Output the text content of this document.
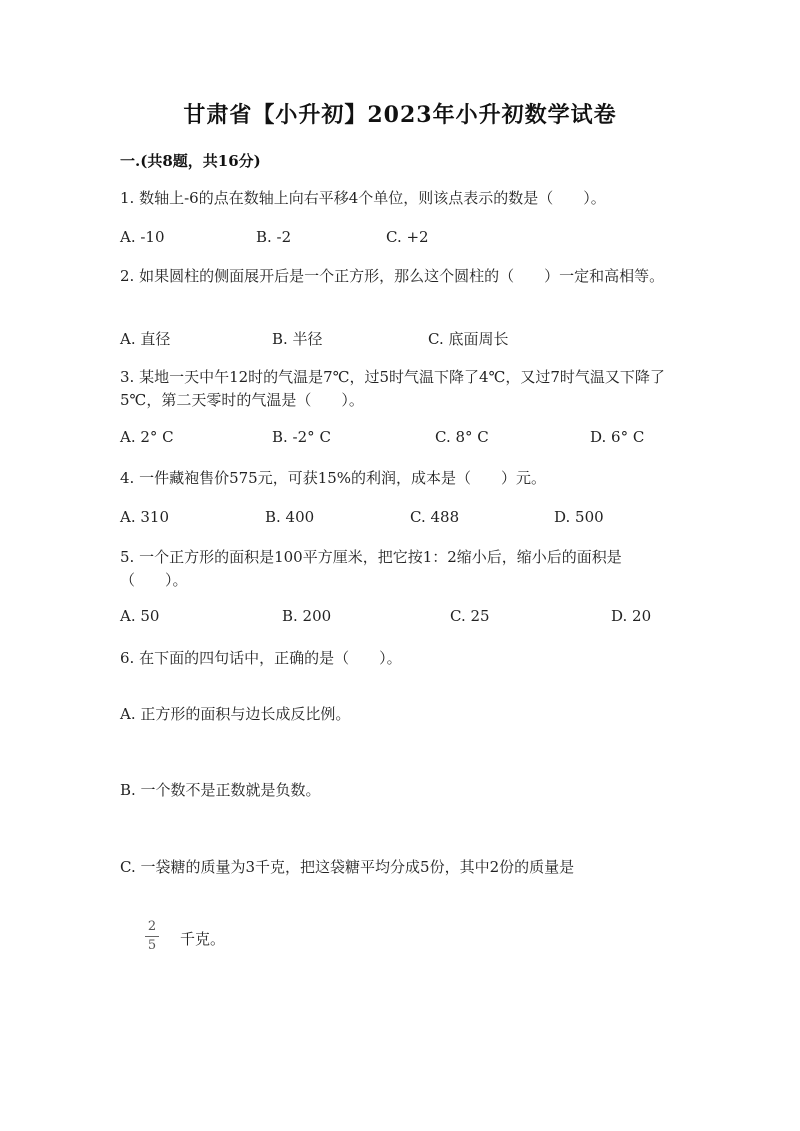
甘肃省【小升初】2023年小升初数学试卷
一.(共8题，共16分)
1. 数轴上-6的点在数轴上向右平移4个单位，则该点表示的数是（　　）。
A. -10	B. -2	C. +2
2. 如果圆柱的侧面展开后是一个正方形，那么这个圆柱的（　　）一定和高相等。
A. 直径	B. 半径	C. 底面周长
3. 某地一天中午12时的气温是7℃，过5时气温下降了4℃，又过7时气温又下降了5℃，第二天零时的气温是（　　）。
A. 2° C	B. -2° C	C. 8° C	D. 6° C
4. 一件藏袍售价575元，可获15%的利润，成本是（　　）元。
A. 310	B. 400	C. 488	D. 500
5. 一个正方形的面积是100平方厘米，把它按1：2缩小后，缩小后的面积是（　　）。
A. 50	B. 200	C. 25	D. 20
6. 在下面的四句话中，正确的是（　　）。
A. 正方形的面积与边长成反比例。
B. 一个数不是正数就是负数。
C. 一袋糖的质量为3千克，把这袋糖平均分成5份，其中2份的质量是
2
5 千克。
